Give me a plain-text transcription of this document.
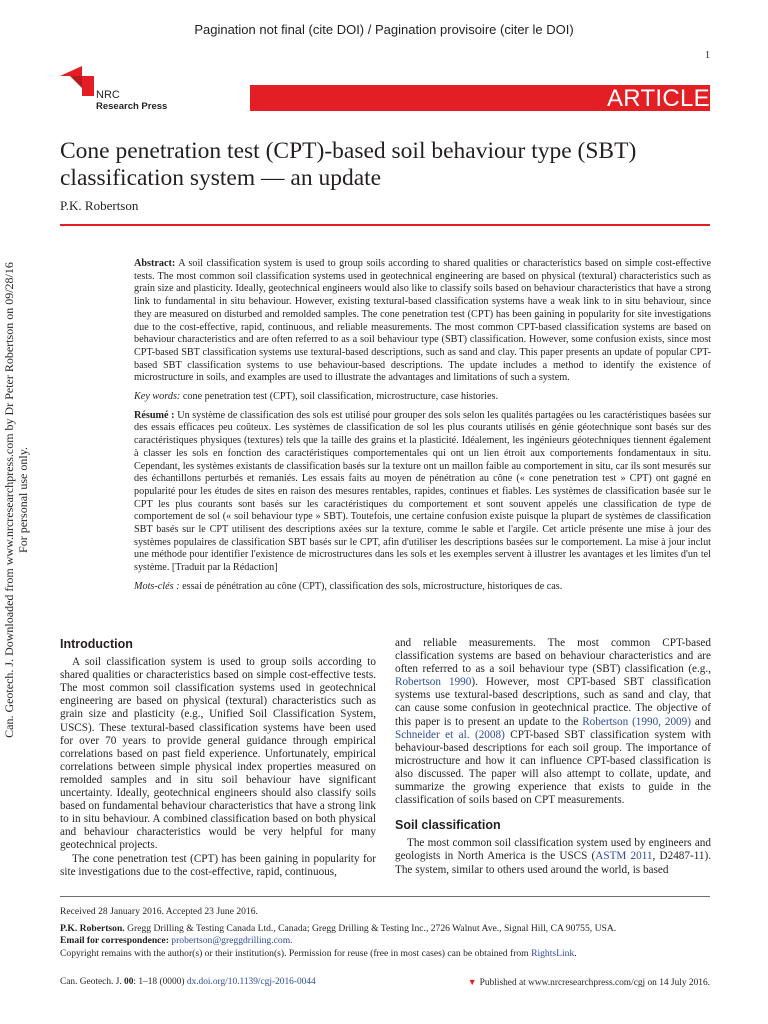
Pagination not final (cite DOI) / Pagination provisoire (citer le DOI)
1
NRC
Research Press	ARTICLE
Cone penetration test (CPT)-based soil behaviour type (SBT) classification system — an update
P.K. Robertson
Can. Geotech. J. Downloaded from www.nrcresearchpress.com by Dr Peter Robertson on 09/28/16 For personal use only.

Abstract: A soil classification system is used to group soils according to shared qualities or characteristics based on simple cost-effective tests. The most common soil classification systems used in geotechnical engineering are based on physical (textural) characteristics such as grain size and plasticity. Ideally, geotechnical engineers would also like to classify soils based on behaviour characteristics that have a strong link to fundamental in situ behaviour. However, existing textural-based classification systems have a weak link to in situ behaviour, since they are measured on disturbed and remolded samples. The cone penetration test (CPT) has been gaining in popularity for site investigations due to the cost-effective, rapid, continuous, and reliable measurements. The most common CPT-based classification systems are based on behaviour characteristics and are often referred to as a soil behaviour type (SBT) classification. However, some confusion exists, since most CPT-based SBT classification systems use textural-based descriptions, such as sand and clay. This paper presents an update of popular CPT-based SBT classification systems to use behaviour-based descriptions. The update includes a method to identify the existence of microstructure in soils, and examples are used to illustrate the advantages and limitations of such a system.

Key words: cone penetration test (CPT), soil classification, microstructure, case histories.

Résumé : Un système de classification des sols est utilisé pour grouper des sols selon les qualités partagées ou les caractéristiques basées sur des essais efficaces peu coûteux. Les systèmes de classification de sol les plus courants utilisés en génie géotechnique sont basés sur des caractéristiques physiques (textures) tels que la taille des grains et la plasticité. Idéalement, les ingénieurs géotechniques tiennent également à classer les sols en fonction des caractéristiques comportementales qui ont un lien étroit aux comportements fondamentaux in situ. Cependant, les systèmes existants de classification basés sur la texture ont un maillon faible au comportement in situ, car ils sont mesurés sur des échantillons perturbés et remaniés. Les essais faits au moyen de pénétration au cône (« cone penetration test » CPT) ont gagné en popularité pour les études de sites en raison des mesures rentables, rapides, continues et fiables. Les systèmes de classification basée sur le CPT les plus courants sont basés sur les caractéristiques du comportement et sont souvent appelés une classification de type de comportement de sol (« soil behaviour type » SBT). Toutefois, une certaine confusion existe puisque la plupart de systèmes de classification SBT basés sur le CPT utilisent des descriptions axées sur la texture, comme le sable et l'argile. Cet article présente une mise à jour des systèmes populaires de classification SBT basés sur le CPT, afin d'utiliser les descriptions basées sur le comportement. La mise à jour inclut une méthode pour identifier l'existence de microstructures dans les sols et les exemples servent à illustrer les avantages et les limites d'un tel système. [Traduit par la Rédaction]

Mots-clés : essai de pénétration au cône (CPT), classification des sols, microstructure, historiques de cas.

Introduction

A soil classification system is used to group soils according to shared qualities or characteristics based on simple cost-effective tests. The most common soil classification systems used in geotechnical engineering are based on physical (textural) characteristics such as grain size and plasticity (e.g., Unified Soil Classification System, USCS). These textural-based classification systems have been used for over 70 years to provide general guidance through empirical correlations based on past field experience. Unfortunately, empirical correlations between simple physical index properties measured on remolded samples and in situ soil behaviour have significant uncertainty. Ideally, geotechnical engineers should also classify soils based on fundamental behaviour characteristics that have a strong link to in situ behaviour. A combined classification based on both physical and behaviour characteristics would be very helpful for many geotechnical projects.

The cone penetration test (CPT) has been gaining in popularity for site investigations due to the cost-effective, rapid, continuous,

and reliable measurements. The most common CPT-based classification systems are based on behaviour characteristics and are often referred to as a soil behaviour type (SBT) classification (e.g., Robertson 1990). However, most CPT-based SBT classification systems use textural-based descriptions, such as sand and clay, that can cause some confusion in geotechnical practice. The objective of this paper is to present an update to the Robertson (1990, 2009) and Schneider et al. (2008) CPT-based SBT classification system with behaviour-based descriptions for each soil group. The importance of microstructure and how it can influence CPT-based classification is also discussed. The paper will also attempt to collate, update, and summarize the growing experience that exists to guide in the classification of soils based on CPT measurements.

Soil classification

The most common soil classification system used by engineers and geologists in North America is the USCS (ASTM 2011, D2487-11). The system, similar to others used around the world, is based

Received 28 January 2016. Accepted 23 June 2016.
P.K. Robertson. Gregg Drilling & Testing Canada Ltd., Canada; Gregg Drilling & Testing Inc., 2726 Walnut Ave., Signal Hill, CA 90755, USA.
Email for correspondence: probertson@greggdrilling.com.
Copyright remains with the author(s) or their institution(s). Permission for reuse (free in most cases) can be obtained from RightsLink.
Can. Geotech. J. 00: 1–18 (0000) dx.doi.org/10.1139/cgj-2016-0044	▼ Published at www.nrcresearchpress.com/cgj on 14 July 2016.
